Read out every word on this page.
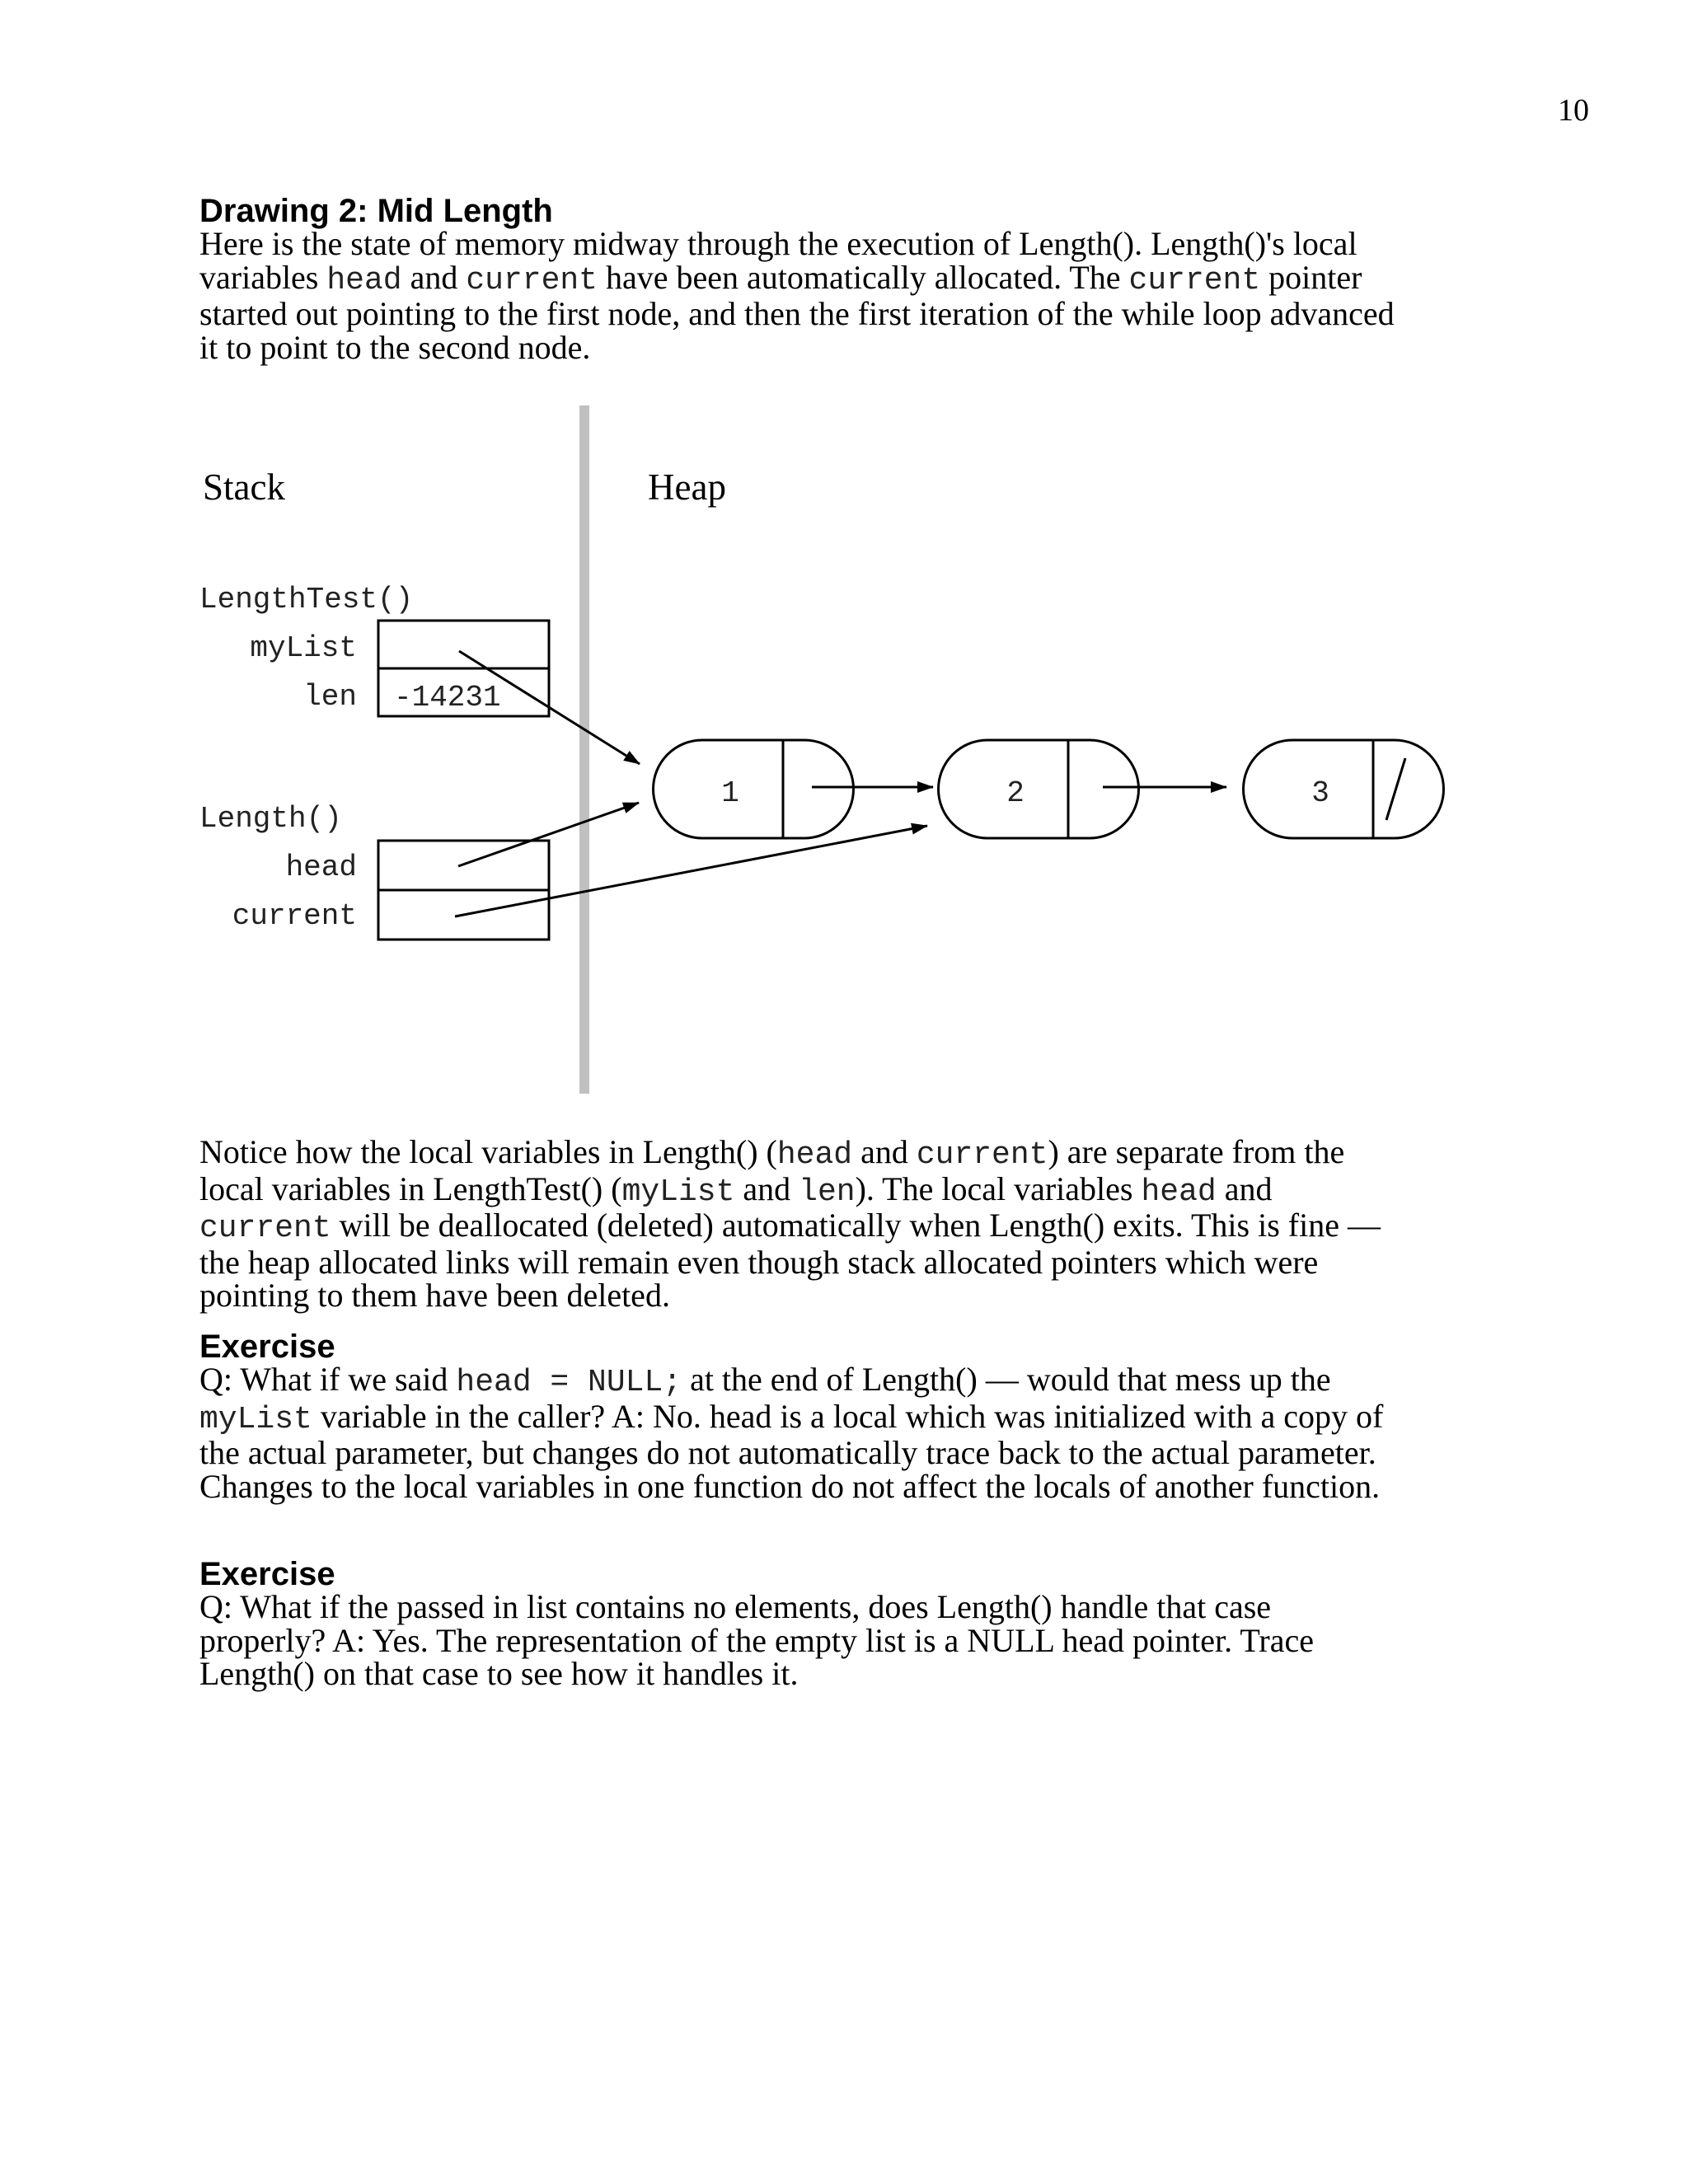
10
Drawing 2: Mid Length

Here is the state of memory midway through the execution of Length(). Length()'s local variables head and current have been automatically allocated. The current pointer started out pointing to the first node, and then the first iteration of the while loop advanced it to point to the second node.

Stack	Heap
LengthTest()
myList
len -14231
Length()
head
current
1	2	3

Notice how the local variables in Length() (head and current) are separate from the local variables in LengthTest() (myList and len). The local variables head and current will be deallocated (deleted) automatically when Length() exits. This is fine — the heap allocated links will remain even though stack allocated pointers which were pointing to them have been deleted.

Exercise

Q: What if we said head = NULL; at the end of Length() — would that mess up the myList variable in the caller? A: No. head is a local which was initialized with a copy of the actual parameter, but changes do not automatically trace back to the actual parameter. Changes to the local variables in one function do not affect the locals of another function.

Exercise

Q: What if the passed in list contains no elements, does Length() handle that case properly? A: Yes. The representation of the empty list is a NULL head pointer. Trace Length() on that case to see how it handles it.
